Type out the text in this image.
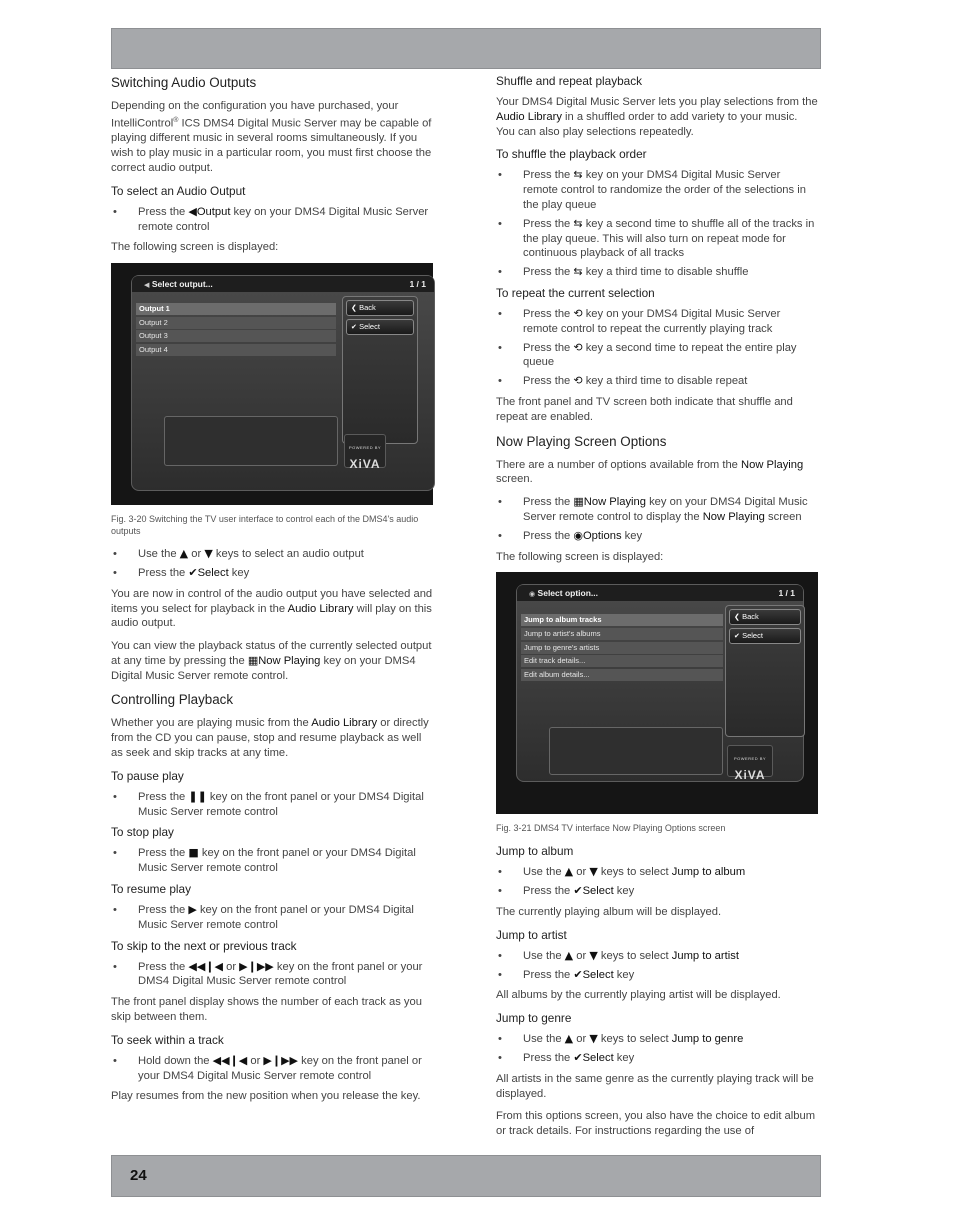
Switching Audio Outputs

Depending on the configuration you have purchased, your IntelliControl® ICS DMS4 Digital Music Server may be capable of playing different music in several rooms simultaneously. If you wish to play music in a particular room, you must first choose the correct audio output.

To select an Audio Output
• Press the ◀Output key on your DMS4 Digital Music Server remote control

The following screen is displayed:

◀ Select output...	1 / 1
Output 1
Output 2
Output 3
Output 4
❮ Back
✔ Select
POWERED BY
XiVA
Fig. 3-20 Switching the TV user interface to control each of the DMS4's audio outputs
• Use the ▲ or ▼ keys to select an audio output
• Press the ✔Select key

You are now in control of the audio output you have selected and items you select for playback in the Audio Library will play on this audio output.

You can view the playback status of the currently selected output at any time by pressing the ▦Now Playing key on your DMS4 Digital Music Server remote control.

Controlling Playback

Whether you are playing music from the Audio Library or directly from the CD you can pause, stop and resume playback as well as seek and skip tracks at any time.

To pause play
• Press the ❚❚ key on the front panel or your DMS4 Digital Music Server remote control
To stop play
• Press the ■ key on the front panel or your DMS4 Digital Music Server remote control
To resume play
• Press the ▶ key on the front panel or your DMS4 Digital Music Server remote control
To skip to the next or previous track
• Press the ◀◀❙◀ or ▶❙▶▶ key on the front panel or your DMS4 Digital Music Server remote control

The front panel display shows the number of each track as you skip between them.

To seek within a track
• Hold down the ◀◀❙◀ or ▶❙▶▶ key on the front panel or your DMS4 Digital Music Server remote control

Play resumes from the new position when you release the key.

Shuffle and repeat playback

Your DMS4 Digital Music Server lets you play selections from the Audio Library in a shuffled order to add variety to your music. You can also play selections repeatedly.

To shuffle the playback order
• Press the ⇆ key on your DMS4 Digital Music Server remote control to randomize the order of the selections in the play queue
• Press the ⇆ key a second time to shuffle all of the tracks in the play queue. This will also turn on repeat mode for continuous playback of all tracks
• Press the ⇆ key a third time to disable shuffle
To repeat the current selection
• Press the ⟲ key on your DMS4 Digital Music Server remote control to repeat the currently playing track
• Press the ⟲ key a second time to repeat the entire play queue
• Press the ⟲ key a third time to disable repeat

The front panel and TV screen both indicate that shuffle and repeat are enabled.

Now Playing Screen Options

There are a number of options available from the Now Playing screen.

• Press the ▦Now Playing key on your DMS4 Digital Music Server remote control to display the Now Playing screen
• Press the ◉Options key

The following screen is displayed:

◉ Select option...	1 / 1
Jump to album tracks
Jump to artist's albums
Jump to genre's artists
Edit track details...
Edit album details...
❮ Back
✔ Select
POWERED BY
XiVA
Fig. 3-21 DMS4 TV interface Now Playing Options screen
Jump to album
• Use the ▲ or ▼ keys to select Jump to album
• Press the ✔Select key

The currently playing album will be displayed.

Jump to artist
• Use the ▲ or ▼ keys to select Jump to artist
• Press the ✔Select key

All albums by the currently playing artist will be displayed.

Jump to genre
• Use the ▲ or ▼ keys to select Jump to genre
• Press the ✔Select key

All artists in the same genre as the currently playing track will be displayed.

From this options screen, you also have the choice to edit album or track details. For instructions regarding the use of

24
